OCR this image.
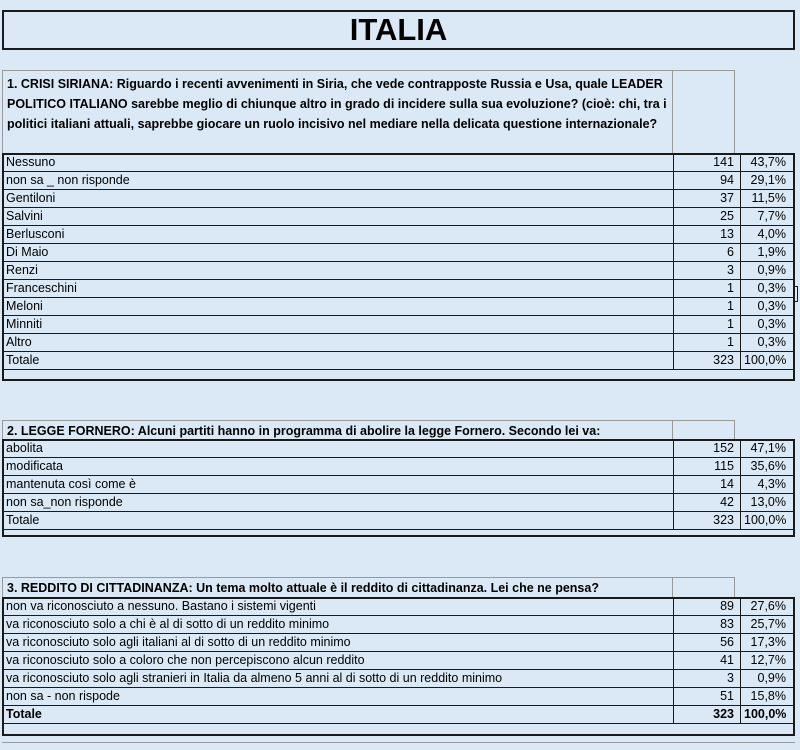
ITALIA
1. CRISI SIRIANA: Riguardo i recenti avvenimenti in Siria, che vede contrapposte Russia e Usa, quale LEADER POLITICO ITALIANO sarebbe meglio di chiunque altro in grado di incidere sulla sua evoluzione? (cioè: chi, tra i politici italiani attuali, saprebbe giocare un ruolo incisivo nel mediare nella delicata questione internazionale?
Nessuno	141	43,7%
non sa _ non risponde	94	29,1%
Gentiloni	37	11,5%
Salvini	25	7,7%
Berlusconi	13	4,0%
Di Maio	6	1,9%
Renzi	3	0,9%
Franceschini	1	0,3%
Meloni	1	0,3%
Minniti	1	0,3%
Altro	1	0,3%
Totale	323	100,0%
2. LEGGE FORNERO: Alcuni partiti hanno in programma di abolire la legge Fornero. Secondo lei va:
abolita	152	47,1%
modificata	115	35,6%
mantenuta così come è	14	4,3%
non sa_non risponde	42	13,0%
Totale	323	100,0%
3. REDDITO DI CITTADINANZA: Un tema molto attuale è il reddito di cittadinanza. Lei che ne pensa?
non va riconosciuto a nessuno. Bastano i sistemi vigenti	89	27,6%
va riconosciuto solo a chi è al di sotto di un reddito minimo	83	25,7%
va riconosciuto solo agli italiani al di sotto di un reddito minimo	56	17,3%
va riconosciuto solo a coloro che non percepiscono alcun reddito	41	12,7%
va riconosciuto solo agli stranieri in Italia da almeno 5 anni al di sotto di un reddito minimo	3	0,9%
non sa - non rispode	51	15,8%
Totale	323	100,0%
